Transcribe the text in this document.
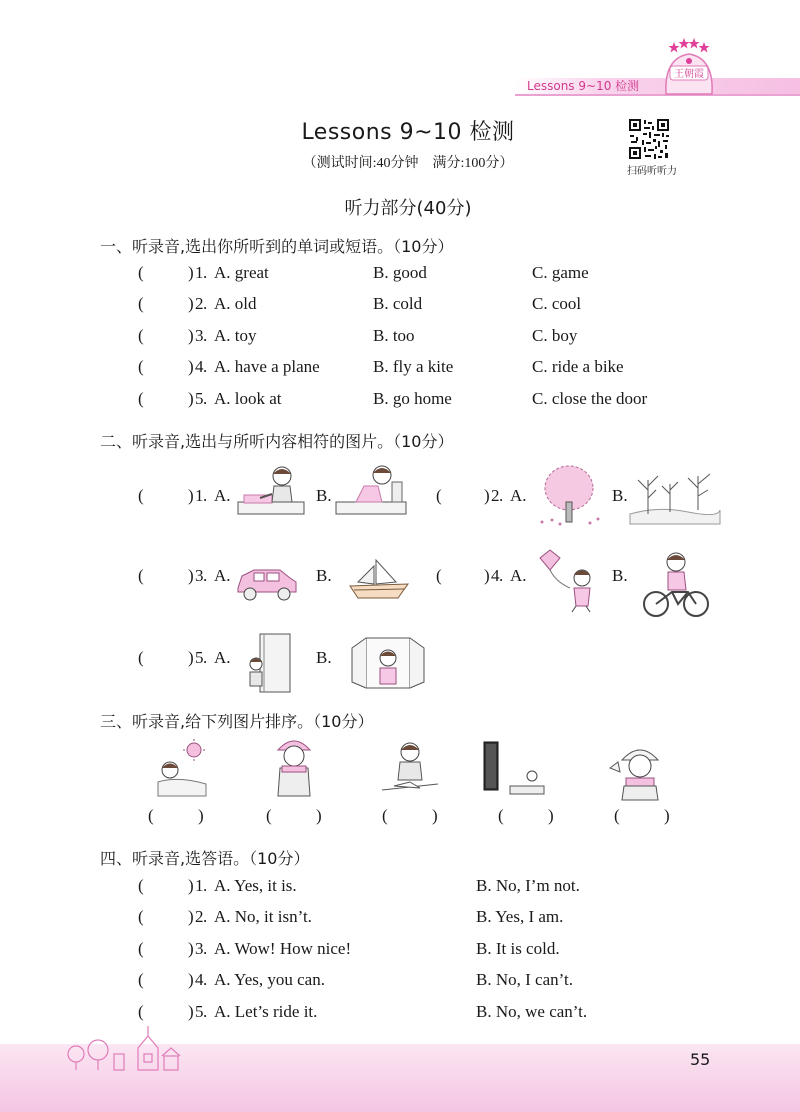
Lessons 9~10 检测
王朝霞
Lessons 9~10 检测
（测试时间:40分钟　满分:100分）
扫码听听力
听力部分(40分)
一、听录音,选出你所听到的单词或短语。（10分）
(	) 1 . A. great	B. good	C. game
(	) 2 . A. old	B. cold	C. cool
(	) 3 . A. toy	B. too	C. boy
(	) 4 . A. have a plane	B. fly a kite	C. ride a bike
(	) 5 . A. look at	B. go home	C. close the door
二、听录音,选出与所听内容相符的图片。（10分）
(	) 1 . A.	B.	( ) 2 . A.	B.
(	) 3 . A.	B.	( ) 4 . A.	B.
(	) 5 . A.	B.
三、听录音,给下列图片排序。（10分）
(	)	(	)	(	)	(	)	(	)
四、听录音,选答语。（10分）
(	) 1 . A. Yes, it is.	B. No, I’m not.
(	) 2 . A. No, it isn’t.	B. Yes, I am.
(	) 3 . A. Wow! How nice!	B. It is cold.
(	) 4 . A. Yes, you can.	B. No, I can’t.
(	) 5 . A. Let’s ride it.	B. No, we can’t.
55
